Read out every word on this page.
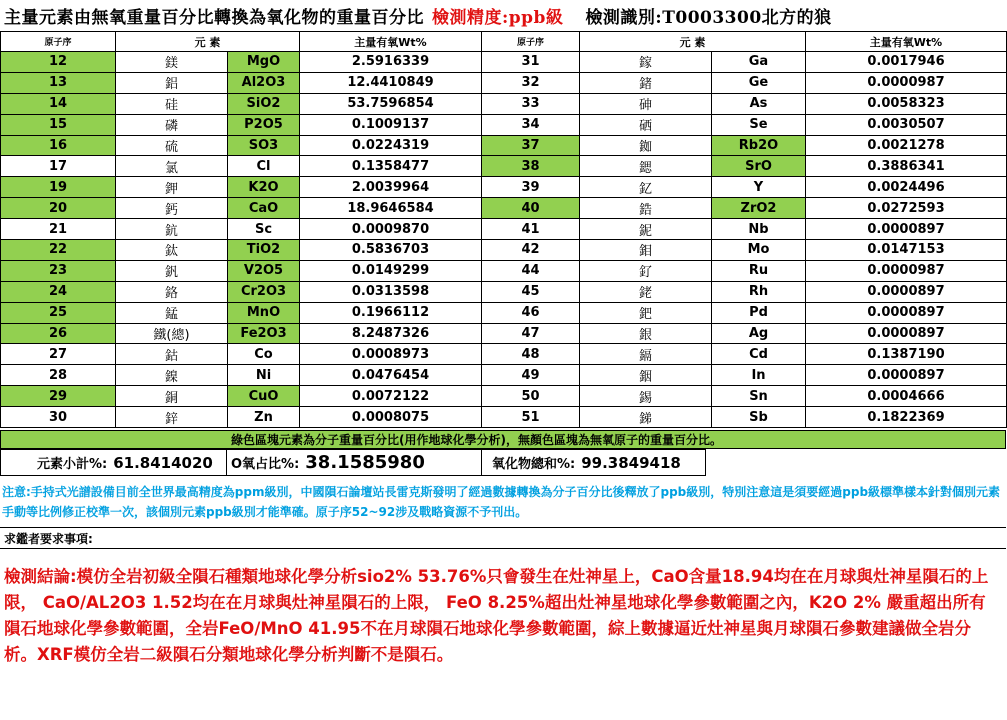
主量元素由無氧重量百分比轉換為氧化物的重量百分比 檢測精度:ppb級 檢測識別:T0003300北方的狼
原子序	元 素		主量有氧Wt%	原子序	元 素		主量有氧Wt%
12	鎂	MgO	2.5916339	31	鎵	Ga	0.0017946
13	鋁	Al2O3	12.4410849	32	鍺	Ge	0.0000987
14	硅	SiO2	53.7596854	33	砷	As	0.0058323
15	磷	P2O5	0.1009137	34	硒	Se	0.0030507
16	硫	SO3	0.0224319	37	銣	Rb2O	0.0021278
17	氯	Cl	0.1358477	38	鍶	SrO	0.3886341
19	鉀	K2O	2.0039964	39	釔	Y	0.0024496
20	鈣	CaO	18.9646584	40	鋯	ZrO2	0.0272593
21	鈧	Sc	0.0009870	41	鈮	Nb	0.0000897
22	鈦	TiO2	0.5836703	42	鉬	Mo	0.0147153
23	釩	V2O5	0.0149299	44	釕	Ru	0.0000987
24	鉻	Cr2O3	0.0313598	45	銠	Rh	0.0000897
25	錳	MnO	0.1966112	46	鈀	Pd	0.0000897
26	鐵(總)	Fe2O3	8.2487326	47	銀	Ag	0.0000897
27	鈷	Co	0.0008973	48	鎘	Cd	0.1387190
28	鎳	Ni	0.0476454	49	銦	In	0.0000897
29	銅	CuO	0.0072122	50	錫	Sn	0.0004666
30	鋅	Zn	0.0008075	51	銻	Sb	0.1822369
綠色區塊元素為分子重量百分比(用作地球化學分析)，無顏色區塊為無氧原子的重量百分比。
元素小計%: 61.8414020 O氧占比%: 38.1585980	氧化物總和%: 99.3849418
注意:手持式光譜設備目前全世界最高精度為ppm級別，中國隕石論壇站長雷克斯發明了經過數據轉換為分子百分比後釋放了ppb級別，特別注意這是須要經過ppb級標準樣本針對個別元素手動等比例修正校準一次，該個別元素ppb級別才能準確。原子序52~92涉及戰略資源不予刊出。
求鑑者要求事項:
檢測結論:模仿全岩初級全隕石種類地球化學分析sio2% 53.76%只會發生在灶神星上，CaO含量18.94均在在月球與灶神星隕石的上限， CaO/AL2O3 1.52均在在月球與灶神星隕石的上限， FeO 8.25%超出灶神星地球化學參數範圍之內，K2O 2% 嚴重超出所有隕石地球化學參數範圍，全岩FeO/MnO 41.95不在月球隕石地球化學參數範圍，綜上數據逼近灶神星與月球隕石參數建議做全岩分析。XRF模仿全岩二級隕石分類地球化學分析判斷不是隕石。
